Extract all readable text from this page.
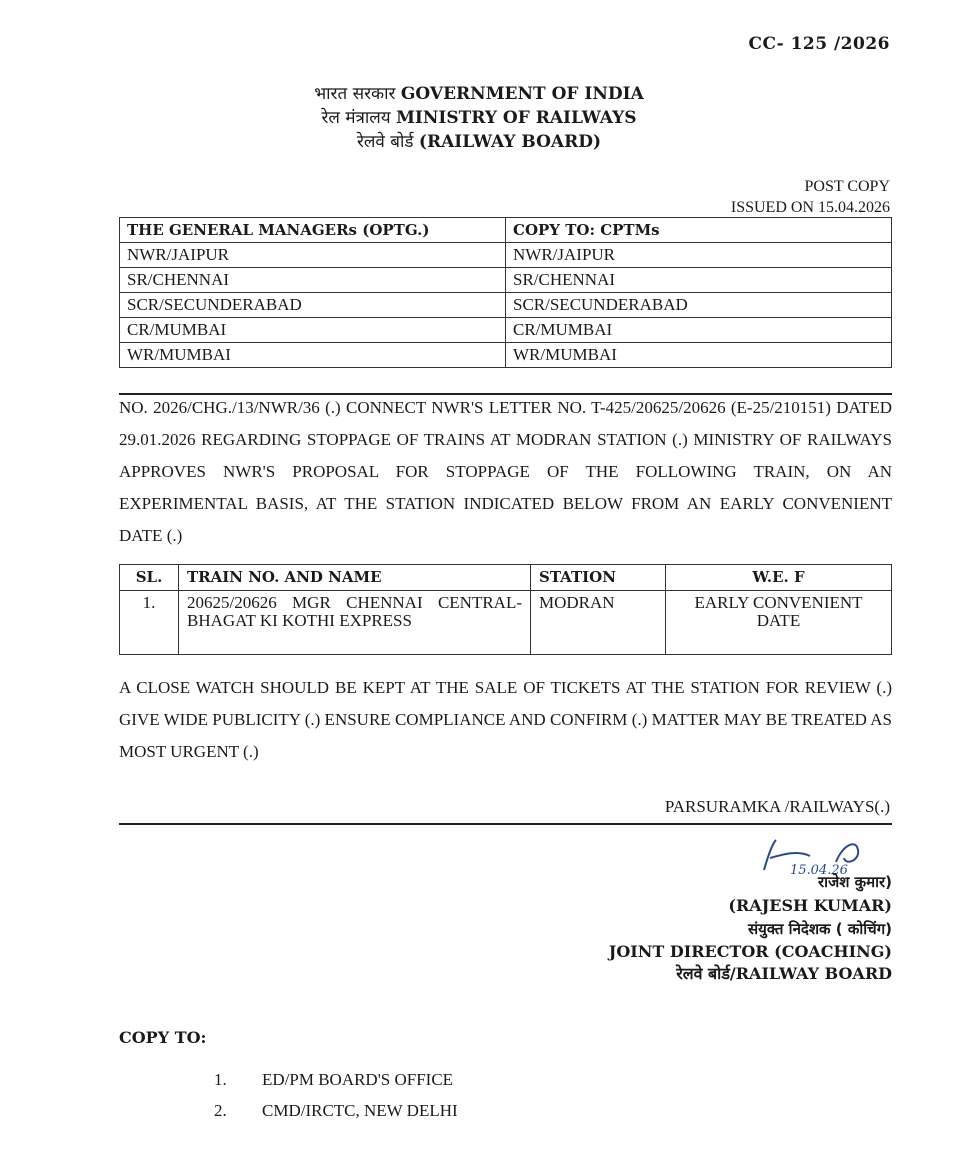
CC- 125 /2026
भारत सरकार GOVERNMENT OF INDIA
रेल मंत्रालय MINISTRY OF RAILWAYS
रेलवे बोर्ड (RAILWAY BOARD)
POST COPY
ISSUED ON 15.04.2026
THE GENERAL MANAGERs (OPTG.)	COPY TO: CPTMs
NWR/JAIPUR	NWR/JAIPUR
SR/CHENNAI	SR/CHENNAI
SCR/SECUNDERABAD	SCR/SECUNDERABAD
CR/MUMBAI	CR/MUMBAI
WR/MUMBAI	WR/MUMBAI
NO. 2026/CHG./13/NWR/36 (.) CONNECT NWR'S LETTER NO. T-425/20625/20626 (E-25/210151) DATED 29.01.2026 REGARDING STOPPAGE OF TRAINS AT MODRAN STATION (.) MINISTRY OF RAILWAYS APPROVES NWR'S PROPOSAL FOR STOPPAGE OF THE FOLLOWING TRAIN, ON AN EXPERIMENTAL BASIS, AT THE STATION INDICATED BELOW FROM AN EARLY CONVENIENT DATE (.)
SL.	TRAIN NO. AND NAME	STATION	W.E. F
1.	20625/20626 MGR CHENNAI CENTRAL- BHAGAT KI KOTHI EXPRESS	MODRAN	EARLY CONVENIENT DATE
A CLOSE WATCH SHOULD BE KEPT AT THE SALE OF TICKETS AT THE STATION FOR REVIEW (.) GIVE WIDE PUBLICITY (.) ENSURE COMPLIANCE AND CONFIRM (.) MATTER MAY BE TREATED AS MOST URGENT (.)
PARSURAMKA /RAILWAYS(.)
15.04.26
राजेश कुमार)
(RAJESH KUMAR)
संयुक्त निदेशक ( कोचिंग)
JOINT DIRECTOR (COACHING)
रेलवे बोर्ड/RAILWAY BOARD
COPY TO:
1. ED/PM BOARD'S OFFICE
2. CMD/IRCTC, NEW DELHI
